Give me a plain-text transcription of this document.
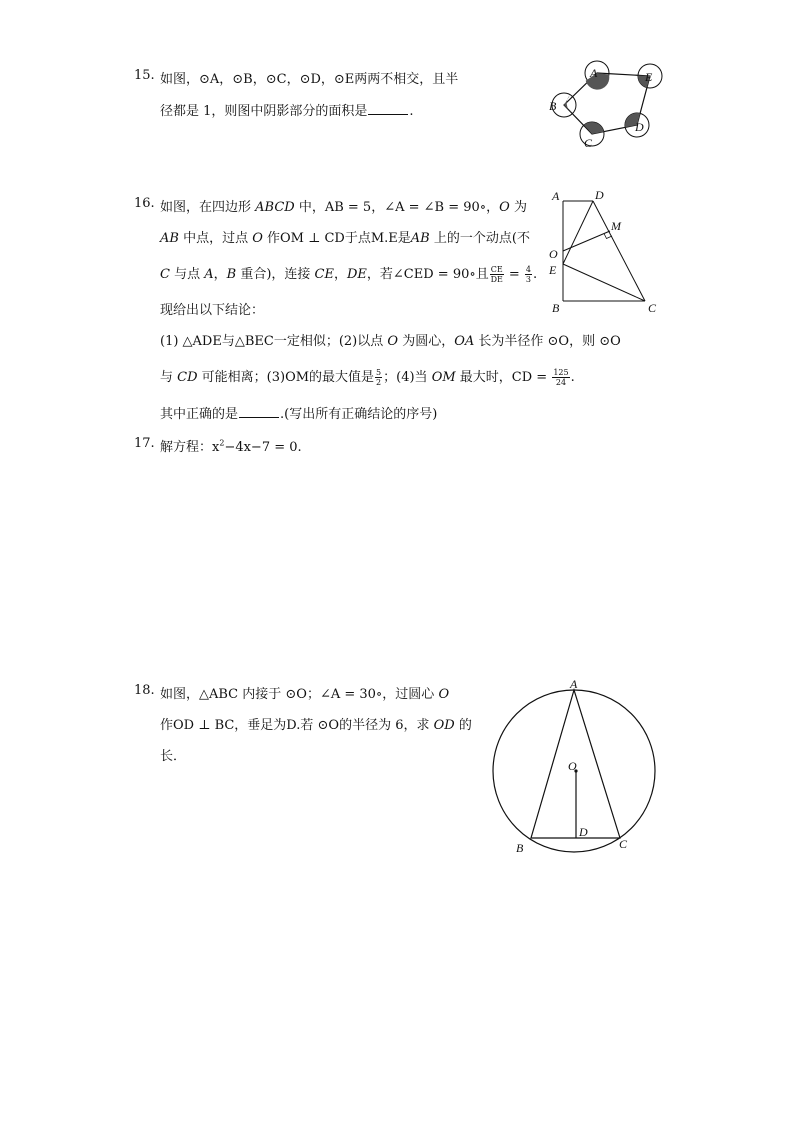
15. 如图，⊙A，⊙B，⊙C，⊙D，⊙E两两不相交，且半
径都是 1，则图中阴影部分的面积是	.
A	E
D
C
B
16. 如图，在四边形 ABCD 中，AB = 5，∠A = ∠B = 90∘，O 为
AB 中点，过点 O 作OM ⊥ CD于点M.E是AB 上的一个动点(不
C 与点 A，B 重合)，连接 CE，DE，若∠CED = 90∘且 $\frac{CE}{DE} = \frac{4}{3}$ .
现给出以下结论：
(1) △ADE与△BEC一定相似；(2)以点 O 为圆心，OA 长为半径作 ⊙O，则 ⊙O
与 CD 可能相离；(3)OM的最大值是 $\frac{5}{2}$ ；(4)当 OM 最大时，CD = $\frac{125}{24}$ .
其中正确的是	.(写出所有正确结论的序号)
A	D
M
O
E
B	C
17. 解方程：$x^2-4x-7 = 0$.
18. 如图，△ABC 内接于 ⊙O；∠A = 30∘，过圆心 O
作OD ⊥ BC，垂足为D.若 ⊙O的半径为 6，求 OD 的
长．
A
O
D
B	C
